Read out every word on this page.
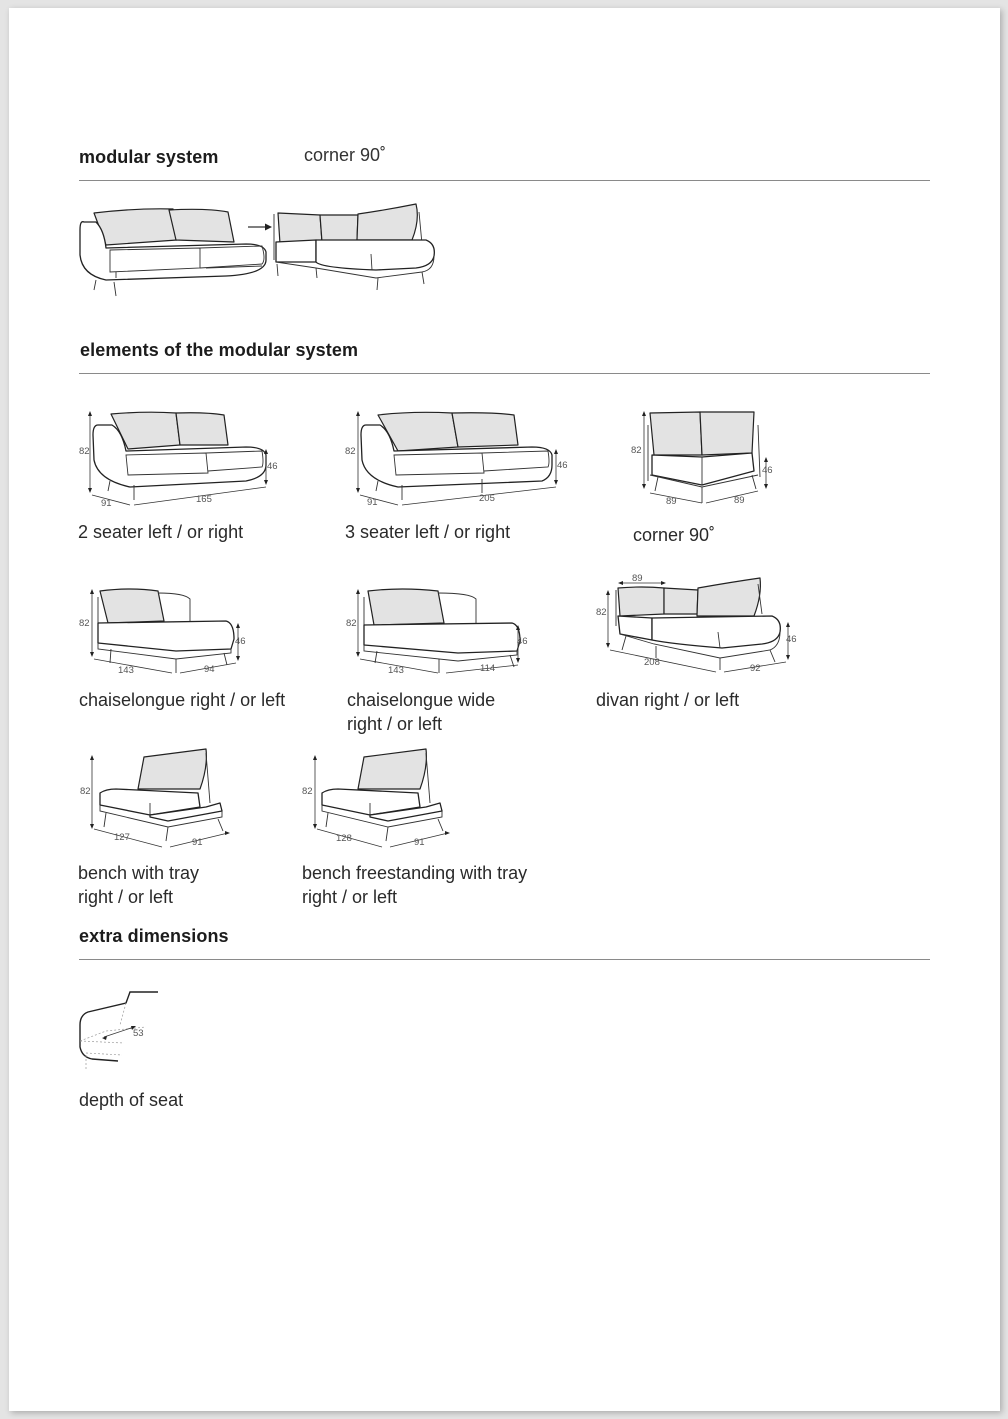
modular system	corner 90˚
elements of the modular system
82
46
91	165
2 seater left / or right
82
46
91	205
3 seater left / or right
82
46
89	89
corner 90˚
82
46
143	94
chaiselongue right / or left
82
46
143	114
chaiselongue wide
right / or left
89
82
46
208
92
divan right / or left
82
127	91
bench with tray
right / or left
82
128	91
bench freestanding with tray
right / or left
extra dimensions
53
depth of seat
